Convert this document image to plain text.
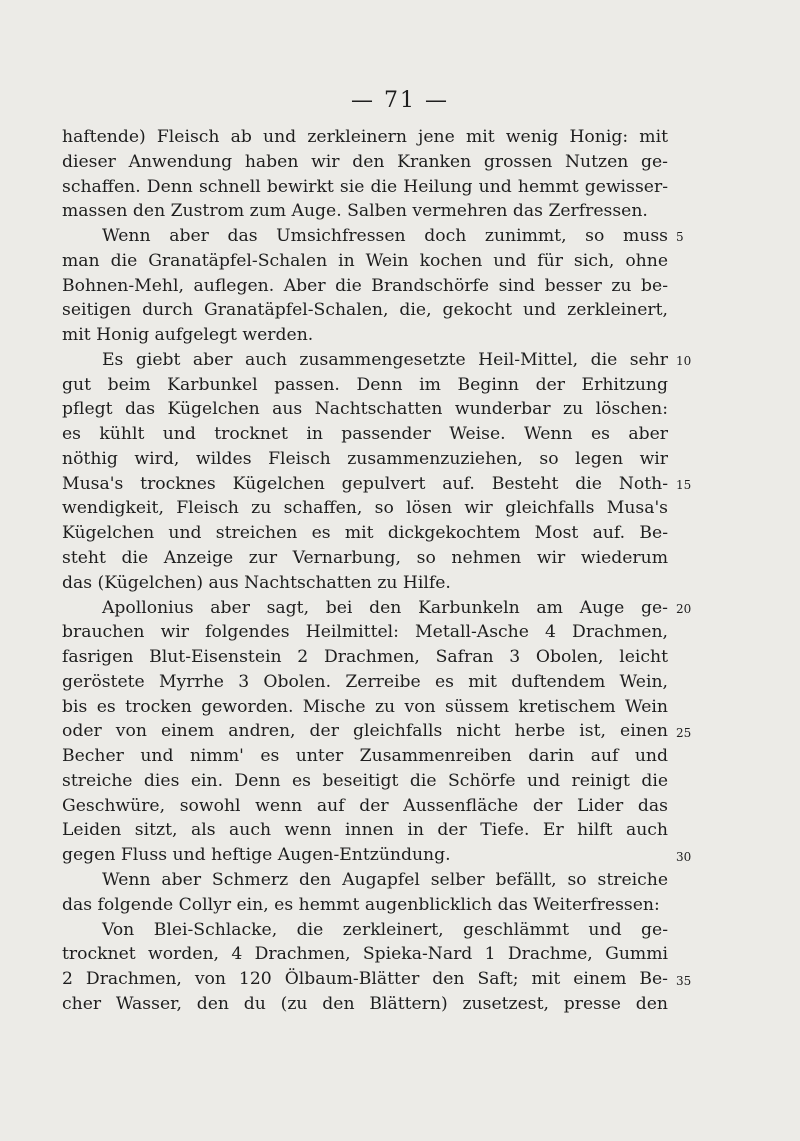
— 71 —
haftende) Fleisch ab und zerkleinern jene mit wenig Honig: mit
dieser Anwendung haben wir den Kranken grossen Nutzen ge-
schaffen. Denn schnell bewirkt sie die Heilung und hemmt gewisser-
massen den Zustrom zum Auge. Salben vermehren das Zerfressen.
Wenn aber das Umsichfressen doch zunimmt, so muss
man die Granatäpfel-Schalen in Wein kochen und für sich, ohne
Bohnen-Mehl, auflegen. Aber die Brandschörfe sind besser zu be-
seitigen durch Granatäpfel-Schalen, die, gekocht und zerkleinert,
mit Honig aufgelegt werden.
Es giebt aber auch zusammengesetzte Heil-Mittel, die sehr
gut beim Karbunkel passen. Denn im Beginn der Erhitzung
pflegt das Kügelchen aus Nachtschatten wunderbar zu löschen:
es kühlt und trocknet in passender Weise. Wenn es aber
nöthig wird, wildes Fleisch zusammenzuziehen, so legen wir
Musa's trocknes Kügelchen gepulvert auf. Besteht die Noth-
wendigkeit, Fleisch zu schaffen, so lösen wir gleichfalls Musa's
Kügelchen und streichen es mit dickgekochtem Most auf. Be-
steht die Anzeige zur Vernarbung, so nehmen wir wiederum
das (Kügelchen) aus Nachtschatten zu Hilfe.
Apollonius aber sagt, bei den Karbunkeln am Auge ge-
brauchen wir folgendes Heilmittel: Metall-Asche 4 Drachmen,
fasrigen Blut-Eisenstein 2 Drachmen, Safran 3 Obolen, leicht
geröstete Myrrhe 3 Obolen. Zerreibe es mit duftendem Wein,
bis es trocken geworden. Mische zu von süssem kretischem Wein
oder von einem andren, der gleichfalls nicht herbe ist, einen
Becher und nimm' es unter Zusammenreiben darin auf und
streiche dies ein. Denn es beseitigt die Schörfe und reinigt die
Geschwüre, sowohl wenn auf der Aussenfläche der Lider das
Leiden sitzt, als auch wenn innen in der Tiefe. Er hilft auch
gegen Fluss und heftige Augen-Entzündung.
Wenn aber Schmerz den Augapfel selber befällt, so streiche
das folgende Collyr ein, es hemmt augenblicklich das Weiterfressen:
Von Blei-Schlacke, die zerkleinert, geschlämmt und ge-
trocknet worden, 4 Drachmen, Spieka-Nard 1 Drachme, Gummi
2 Drachmen, von 120 Ölbaum-Blätter den Saft; mit einem Be-
cher Wasser, den du (zu den Blättern) zusetzest, presse den
5
10
15
20
25
30
35
